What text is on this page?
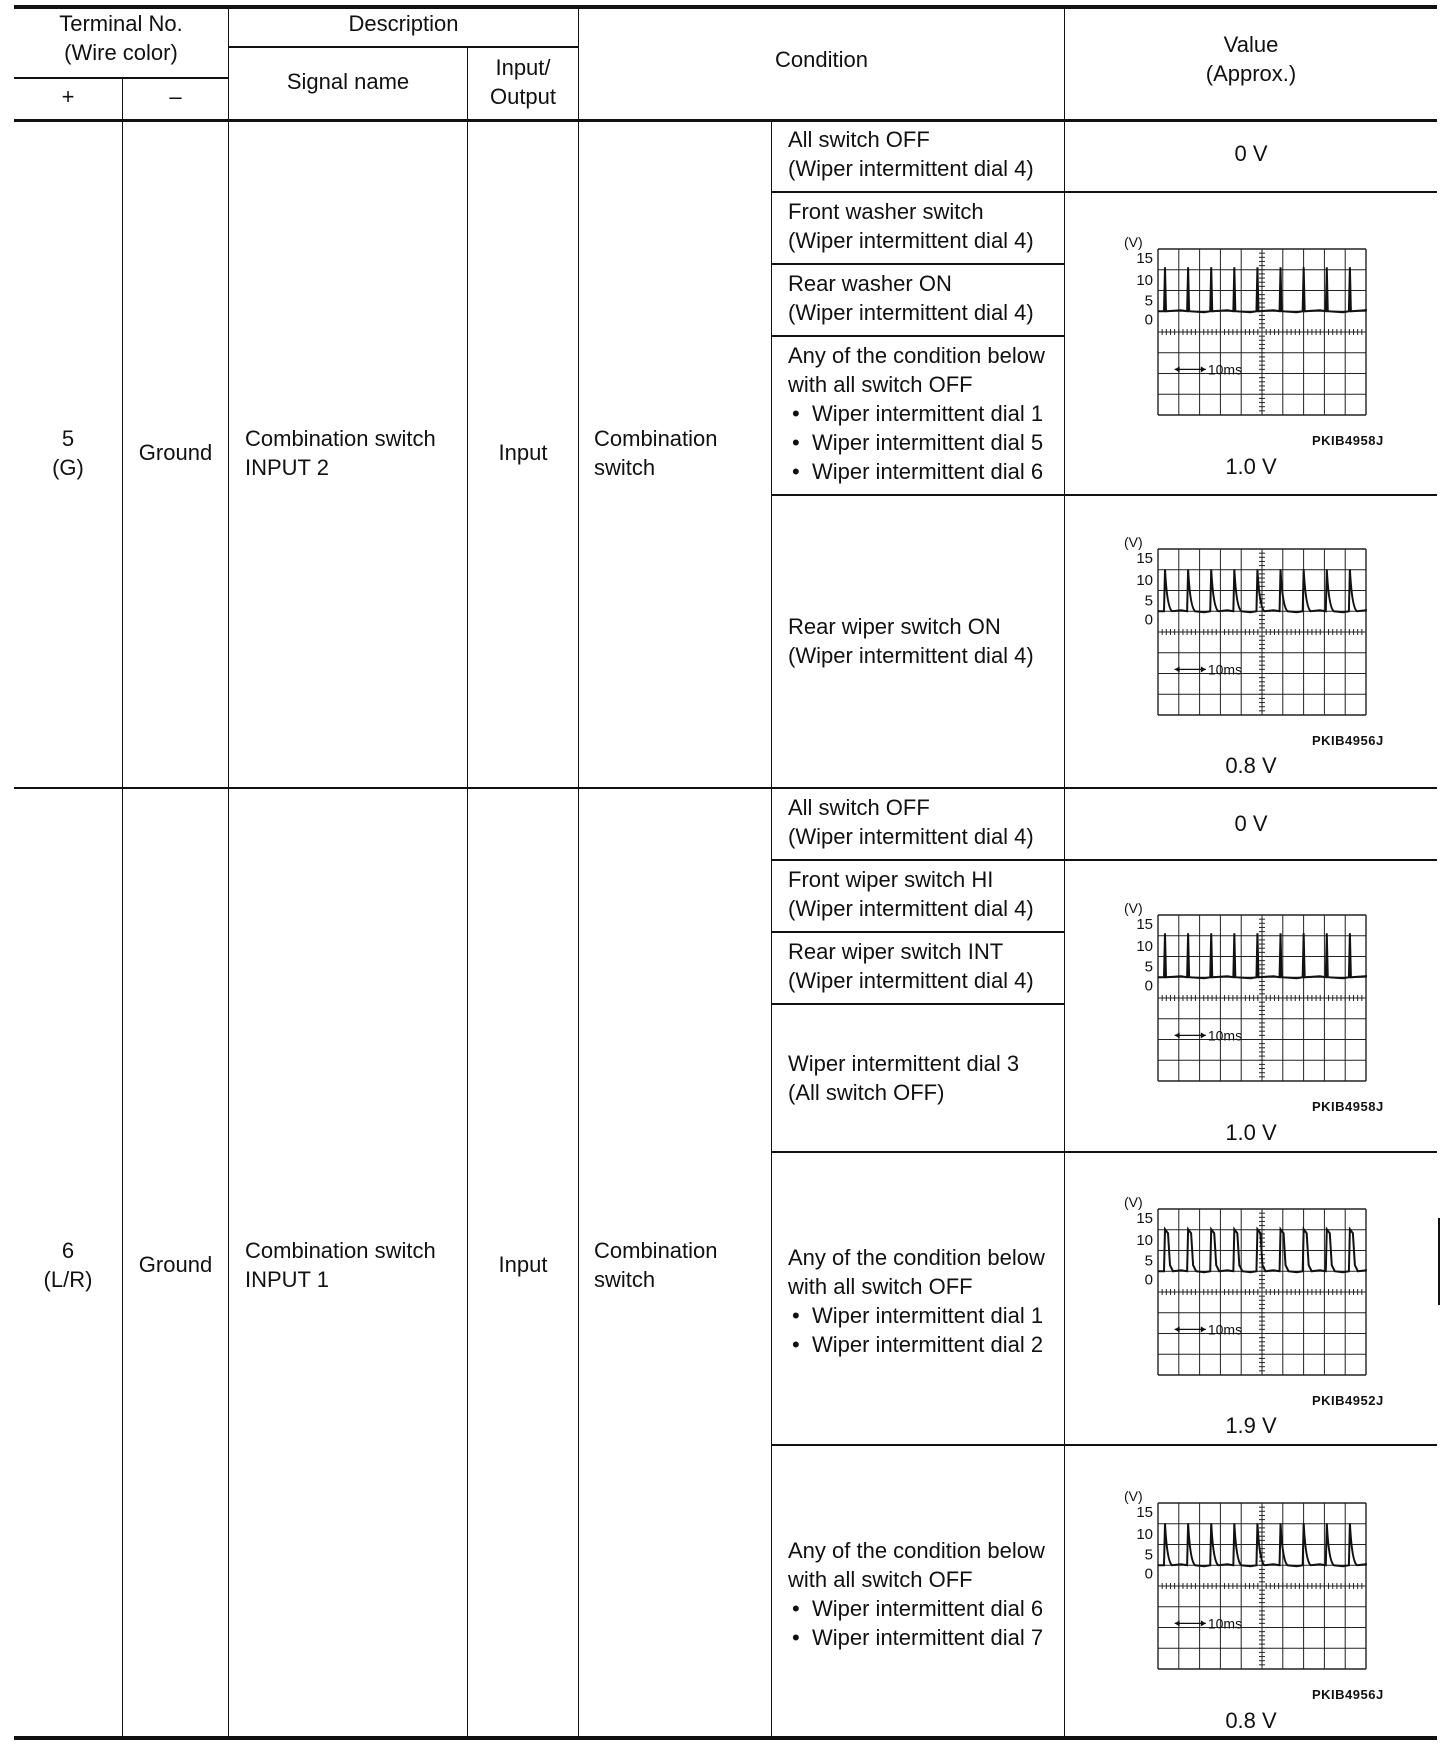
Terminal No.
(Wire color)
+	–
Description
Signal name
Input/
Output
Condition
Value
(Approx.)
5
(G)
Ground
Combination switch
INPUT 2
Input
Combination
switch
All switch OFF
(Wiper intermittent dial 4)
Front washer switch
(Wiper intermittent dial 4)
Rear washer ON
(Wiper intermittent dial 4)
Any of the condition below
with all switch OFF
• Wiper intermittent dial 1
• Wiper intermittent dial 5
• Wiper intermittent dial 6
Rear wiper switch ON
(Wiper intermittent dial 4)
0 V
(V)
15
10
5
0
10ms
PKIB4958J
1.0 V
(V)
15
10
5
0
10ms
PKIB4956J
0.8 V
6
(L/R)
Ground
Combination switch
INPUT 1
Input
Combination
switch
All switch OFF
(Wiper intermittent dial 4)
Front wiper switch HI
(Wiper intermittent dial 4)
Rear wiper switch INT
(Wiper intermittent dial 4)
Wiper intermittent dial 3
(All switch OFF)
Any of the condition below
with all switch OFF
• Wiper intermittent dial 1
• Wiper intermittent dial 2
Any of the condition below
with all switch OFF
• Wiper intermittent dial 6
• Wiper intermittent dial 7
0 V
(V)
15
10
5
0
10ms
PKIB4958J
1.0 V
(V)
15
10
5
0
10ms
PKIB4952J
1.9 V
(V)
15
10
5
0
10ms
PKIB4956J
0.8 V
